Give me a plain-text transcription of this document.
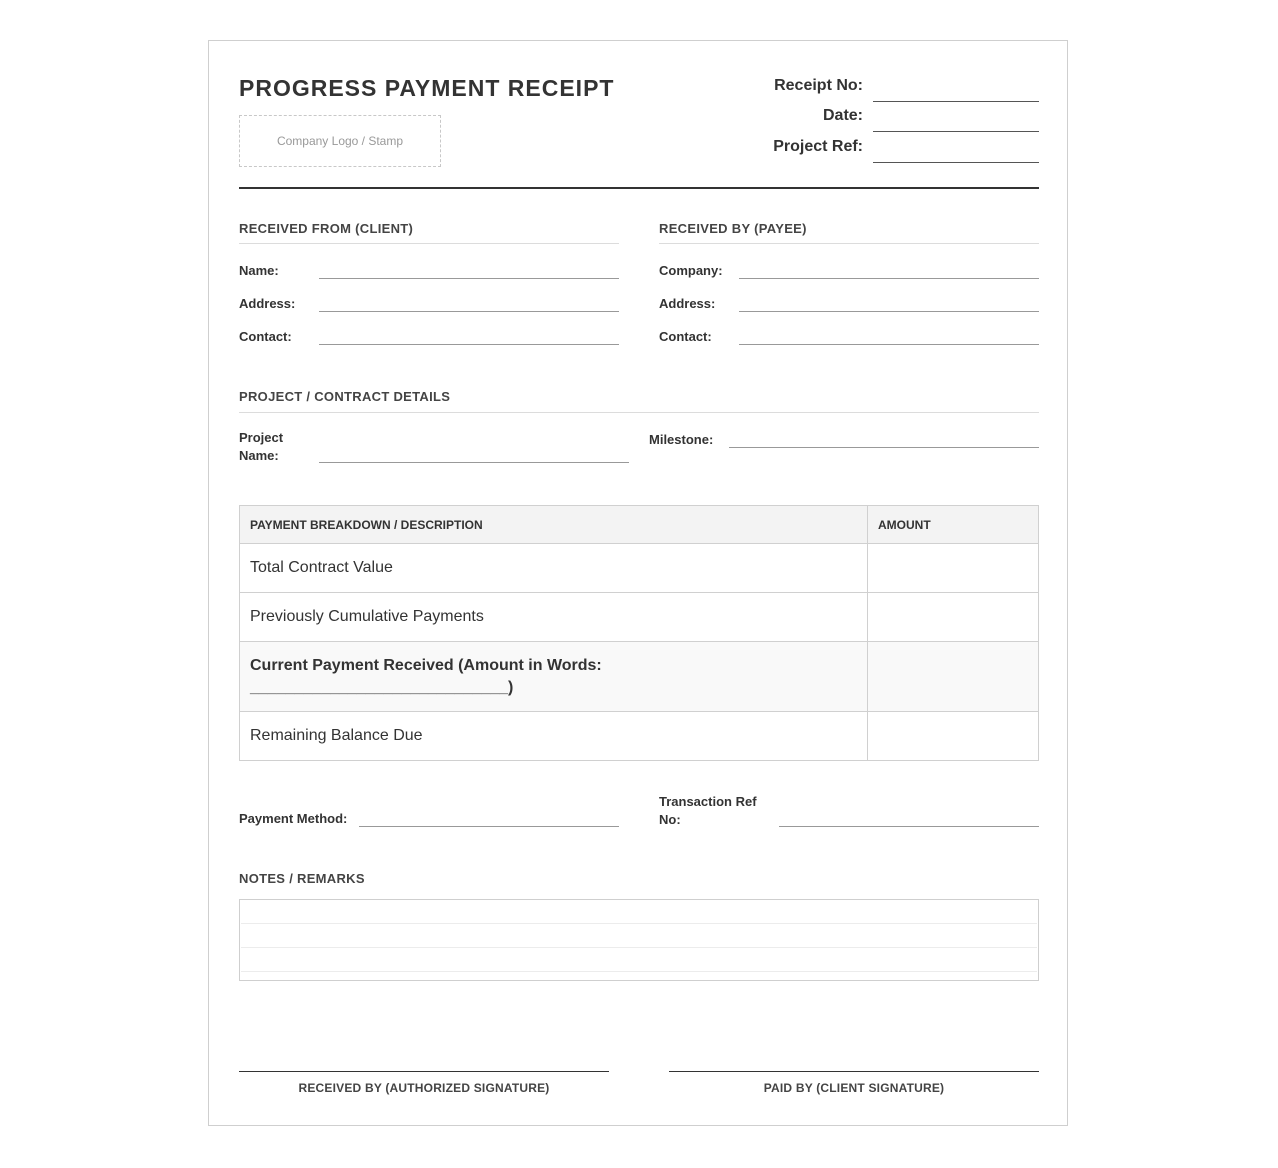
PROGRESS PAYMENT RECEIPT
Company Logo / Stamp
Receipt No:
Date:
Project Ref:
RECEIVED FROM (CLIENT)
Name:
Address:
Contact:
RECEIVED BY (PAYEE)
Company:
Address:
Contact:
PROJECT / CONTRACT DETAILS
Project
Name:
Milestone:
PAYMENT BREAKDOWN / DESCRIPTION	AMOUNT
Total Contract Value	
Previously Cumulative Payments	

Current Payment Received (Amount in Words:
_____________________________)	

Remaining Balance Due	
Payment Method:
Transaction Ref
No:
NOTES / REMARKS
RECEIVED BY (AUTHORIZED SIGNATURE)	PAID BY (CLIENT SIGNATURE)
